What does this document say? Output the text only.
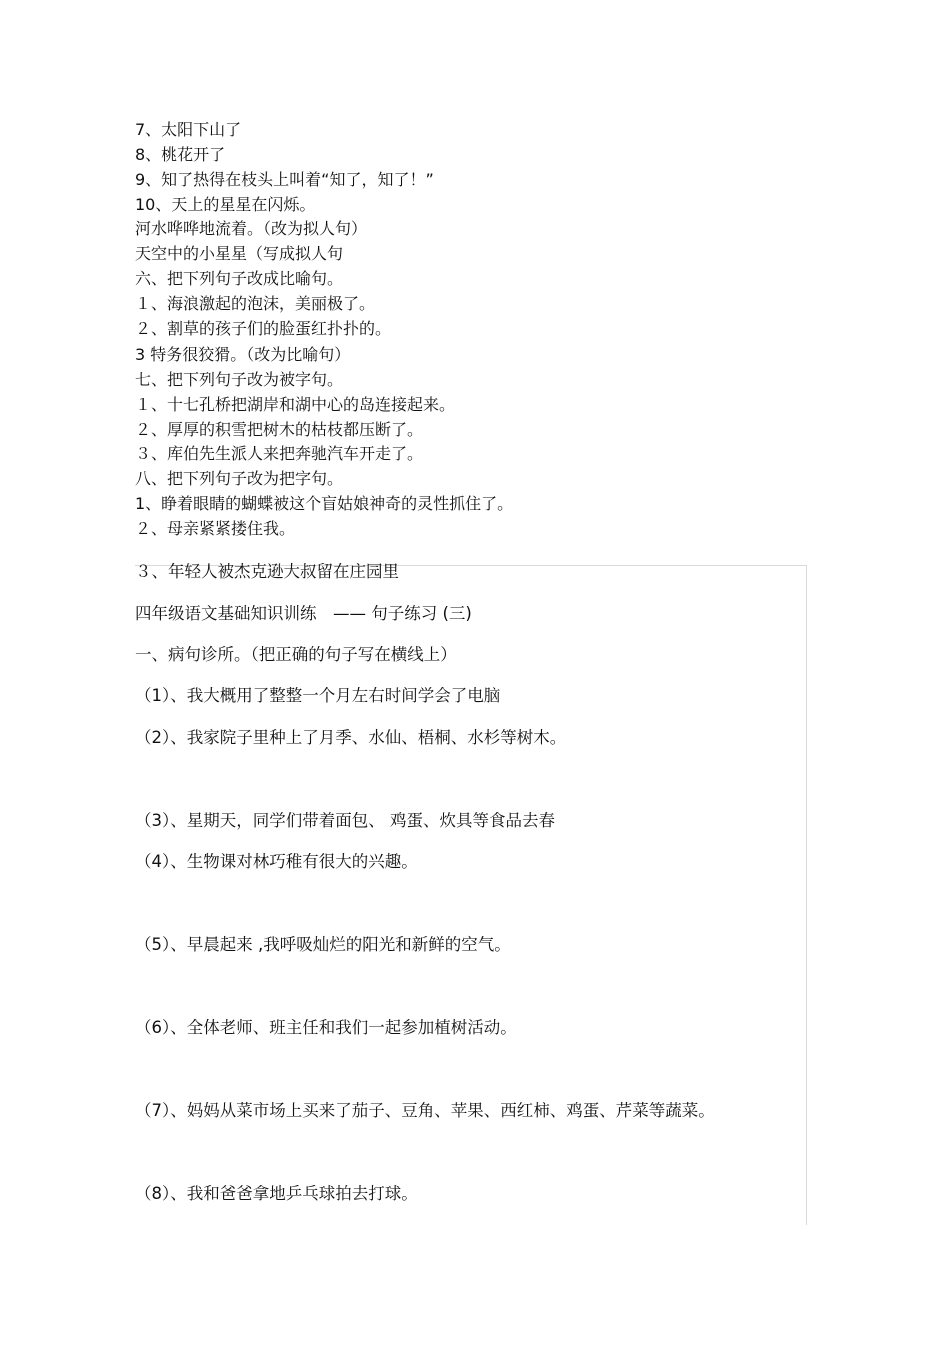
7、太阳下山了
8、桃花开了
9、知了热得在枝头上叫着“知了，知了！”
10、天上的星星在闪烁。
河水哗哗地流着。（改为拟人句）
天空中的小星星（写成拟人句
六、把下列句子改成比喻句。
１、海浪激起的泡沫，美丽极了。
２、割草的孩子们的脸蛋红扑扑的。
3 特务很狡猾。（改为比喻句）
七、把下列句子改为被字句。
１、十七孔桥把湖岸和湖中心的岛连接起来。
２、厚厚的积雪把树木的枯枝都压断了。
３、库伯先生派人来把奔驰汽车开走了。
八、把下列句子改为把字句。
1、睁着眼睛的蝴蝶被这个盲姑娘神奇的灵性抓住了。
２、母亲紧紧搂住我。
３、年轻人被杰克逊大叔留在庄园里
四年级语文基础知识训练　—— 句子练习 (三)
一、病句诊所。（把正确的句子写在横线上）
（1）、我大概用了整整一个月左右时间学会了电脑
（2）、我家院子里种上了月季、水仙、梧桐、水杉等树木。
（3）、星期天，同学们带着面包、 鸡蛋、炊具等食品去春
（4）、生物课对林巧稚有很大的兴趣。
（5）、早晨起来 ,我呼吸灿烂的阳光和新鲜的空气。
（6）、全体老师、班主任和我们一起参加植树活动。
（7）、妈妈从菜市场上买来了茄子、豆角、苹果、西红柿、鸡蛋、芹菜等蔬菜。
（8）、我和爸爸拿地乒乓球拍去打球。
